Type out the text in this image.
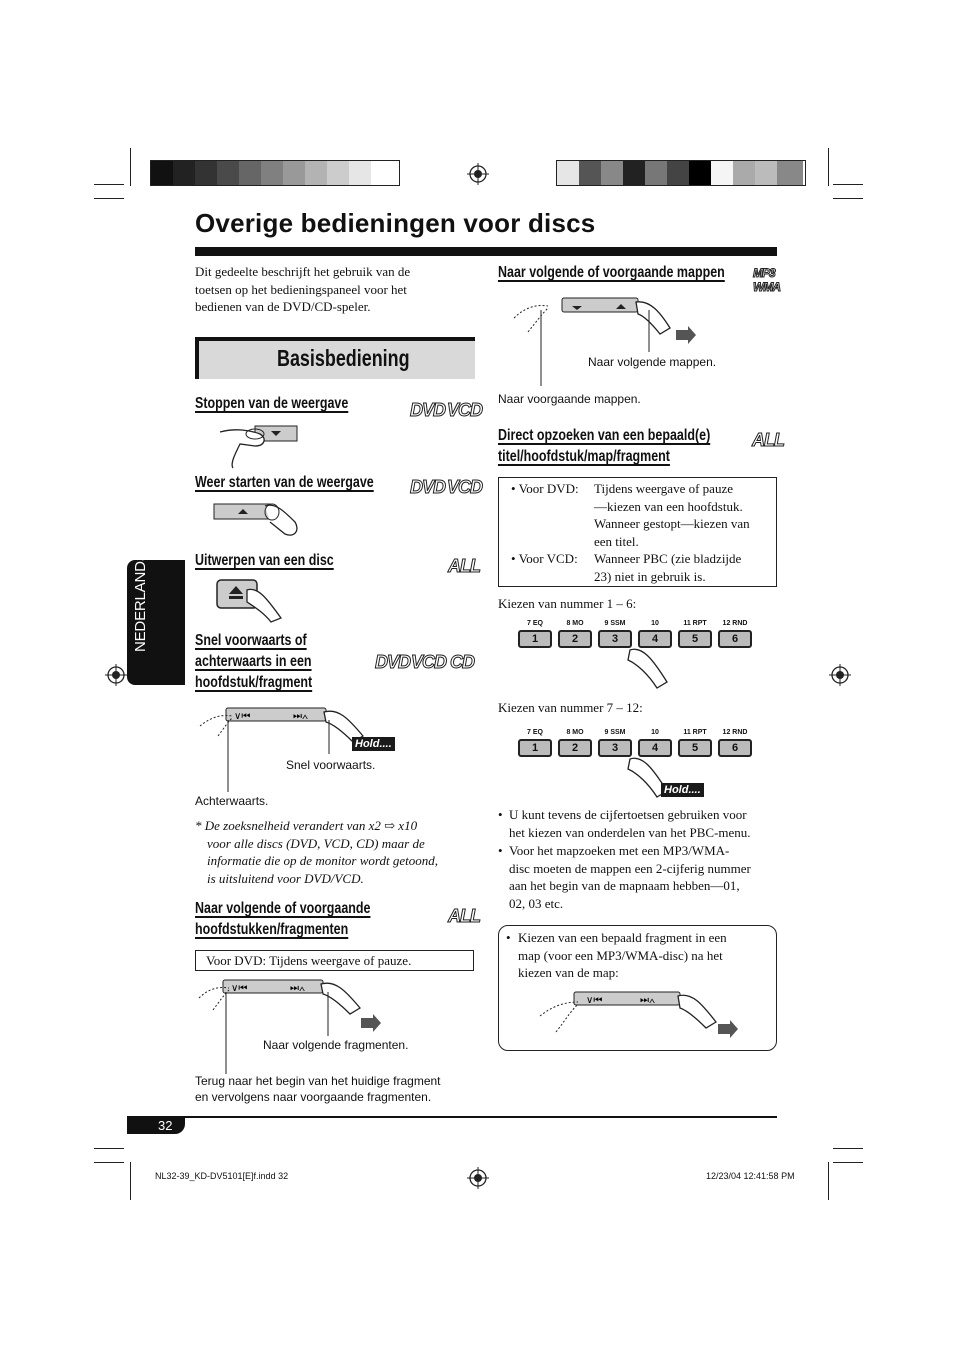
Overige bedieningen voor discs
NEDERLANDS
Dit gedeelte beschrijft het gebruik van de
toetsen op het bedieningspaneel voor het
bedienen van de DVD/CD-speler.
Basisbediening
Stoppen van de weergave	DVD VCD
Weer starten van de weergave DVD VCD
Uitwerpen van een disc	ALL
Snel voorwaarts of
achterwaarts in een
hoofdstuk/fragment
DVD VCD CD
∨⏮	⏭∧
Hold....
Snel voorwaarts.
Achterwaarts.
* De zoeksnelheid verandert van x2 ⇨ x10
voor alle discs (DVD, VCD, CD) maar de
informatie die op de monitor wordt getoond,
is uitsluitend voor DVD/VCD.
Naar volgende of voorgaande
hoofdstukken/fragmenten
ALL
Voor DVD: Tijdens weergave of pauze.
∨⏮	⏭∧
Naar volgende fragmenten.
Terug naar het begin van het huidige fragment
en vervolgens naar voorgaande fragmenten.
Naar volgende of voorgaande mappen MP3
WMA
Naar volgende mappen.
Naar voorgaande mappen.
Direct opzoeken van een bepaald(e)
titel/hoofdstuk/map/fragment
ALL
• Voor DVD: Tijdens weergave of pauze
—kiezen van een hoofdstuk.
Wanneer gestopt—kiezen van
een titel.
• Voor VCD: Wanneer PBC (zie bladzijde
23) niet in gebruik is.
Kiezen van nummer 1 – 6:
7 EQ	8 MO	9 SSM	10	11 RPT	12 RND
1	2	3	4	5	6
Kiezen van nummer 7 – 12:
7 EQ	8 MO	9 SSM	10	11 RPT	12 RND
1	2	3	4	5	6
Hold....
• U kunt tevens de cijfertoetsen gebruiken voor
het kiezen van onderdelen van het PBC-menu.
• Voor het mapzoeken met een MP3/WMA-
disc moeten de mappen een 2-cijferig nummer
aan het begin van de mapnaam hebben—01,
02, 03 etc.
• Kiezen van een bepaald fragment in een
map (voor een MP3/WMA-disc) na het
kiezen van de map:
∨⏮	⏭∧
32
NL32-39_KD-DV5101[E]f.indd 32	12/23/04 12:41:58 PM
